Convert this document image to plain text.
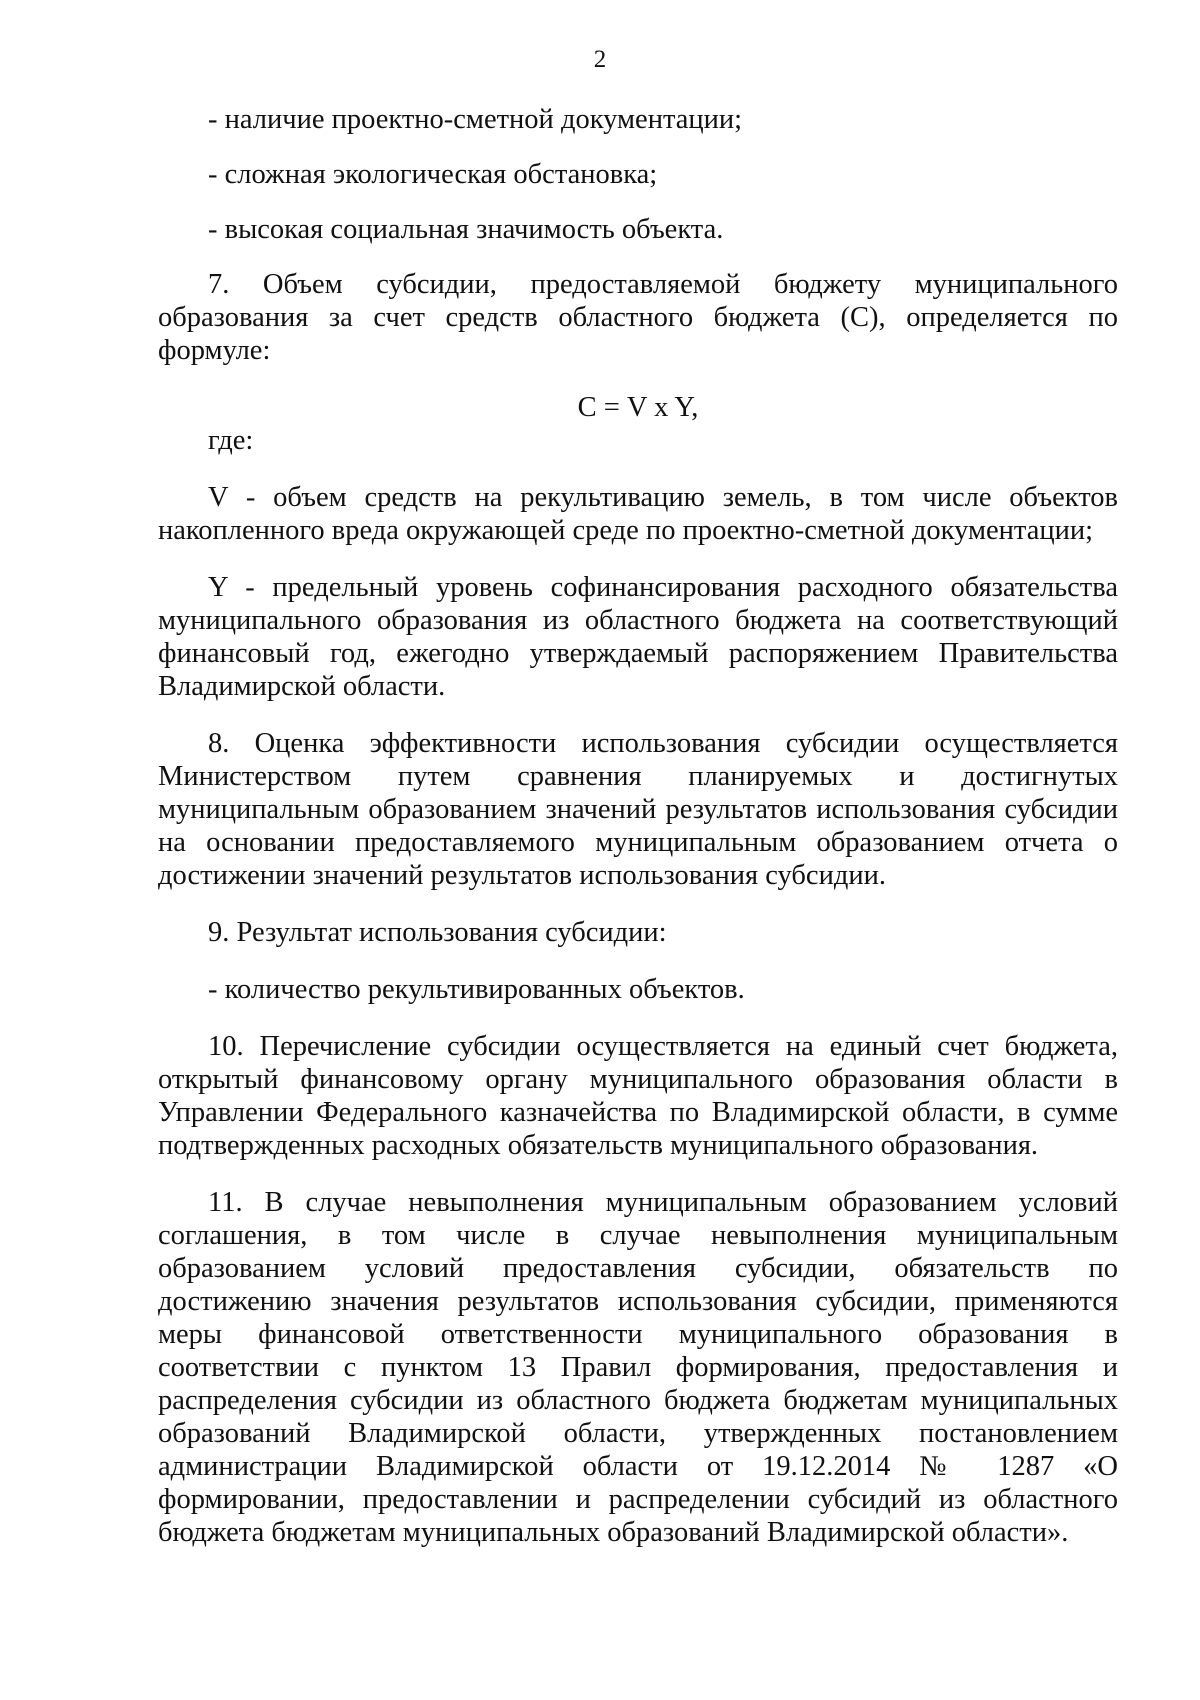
2

- наличие проектно-сметной документации;

- сложная экологическая обстановка;

- высокая социальная значимость объекта.

7. Объем субсидии, предоставляемой бюджету муниципального образования за счет средств областного бюджета (С), определяется по формуле:

С = V x Y,

где:

V - объем средств на рекультивацию земель, в том числе объектов накопленного вреда окружающей среде по проектно-сметной документации;

Y - предельный уровень софинансирования расходного обязательства муниципального образования из областного бюджета на соответствующий финансовый год, ежегодно утверждаемый распоряжением Правительства Владимирской области.

8. Оценка эффективности использования субсидии осуществляется Министерством путем сравнения планируемых и достигнутых муниципальным образованием значений результатов использования субсидии на основании предоставляемого муниципальным образованием отчета о достижении значений результатов использования субсидии.

9. Результат использования субсидии:

- количество рекультивированных объектов.

10. Перечисление субсидии осуществляется на единый счет бюджета, открытый финансовому органу муниципального образования области в Управлении Федерального казначейства по Владимирской области, в сумме подтвержденных расходных обязательств муниципального образования.

11. В случае невыполнения муниципальным образованием условий соглашения, в том числе в случае невыполнения муниципальным образованием условий предоставления субсидии, обязательств по достижению значения результатов использования субсидии, применяются меры финансовой ответственности муниципального образования в соответствии с пунктом 13 Правил формирования, предоставления и распределения субсидии из областного бюджета бюджетам муниципальных образований Владимирской области, утвержденных постановлением администрации Владимирской области от 19.12.2014 № 1287 «О формировании, предоставлении и распределении субсидий из областного бюджета бюджетам муниципальных образований Владимирской области».
